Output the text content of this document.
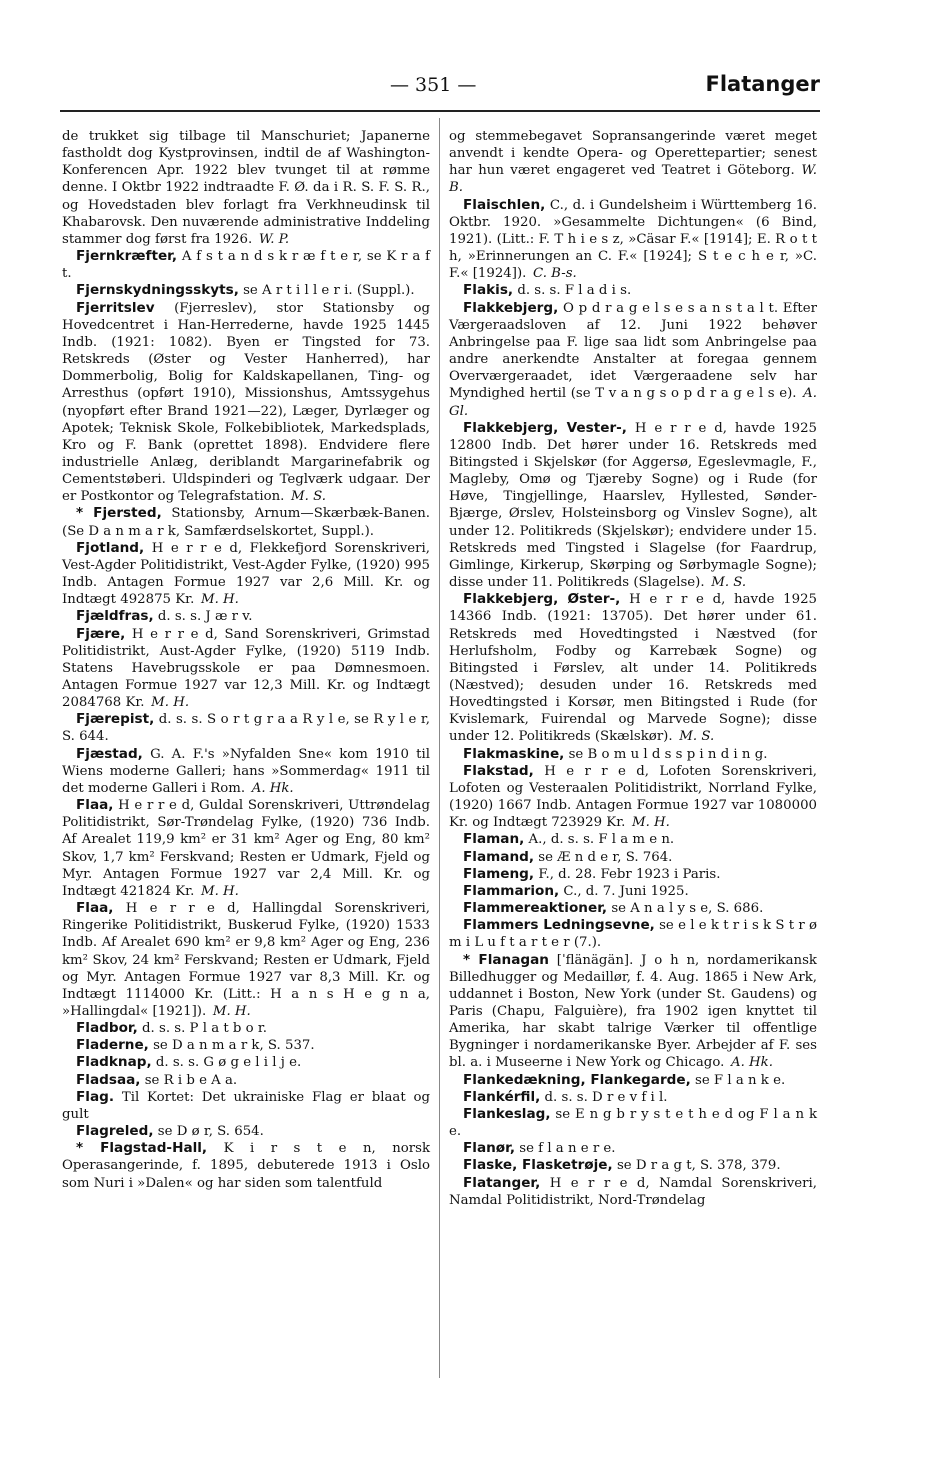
— 351 —	Flatanger

de trukket sig tilbage til Manschuriet; Japanerne fastholdt dog Kystprovinsen, indtil de af Washington-Konferencen Apr. 1922 blev tvunget til at rømme denne. I Oktbr 1922 indtraadte F. Ø. da i R. S. F. S. R., og Hovedstaden blev forlagt fra Verkhneudinsk til Khabarovsk. Den nuværende administrative Inddeling stammer dog først fra 1926.  W. P.

Fjernkræfter, A f s t a n d s k r æ f t e r, se K r a f t.

Fjernskydningsskyts, se A r t i l l e r i. (Suppl.).

Fjerritslev (Fjerreslev), stor Stationsby og Hovedcentret i Han-Herrederne, havde 1925 1445 Indb. (1921: 1082). Byen er Tingsted for 73. Retskreds (Øster og Vester Hanherred), har Dommerbolig, Bolig for Kaldskapellanen, Ting- og Arresthus (opført 1910), Missionshus, Amtssygehus (nyopført efter Brand 1921—22), Læger, Dyrlæger og Apotek; Teknisk Skole, Folkebibliotek, Markedsplads, Kro og F. Bank (oprettet 1898). Endvidere flere industrielle Anlæg, deriblandt Margarinefabrik og Cementstøberi. Uldspinderi og Teglværk udgaar. Der er Postkontor og Telegrafstation.  M. S.

* Fjersted, Stationsby, Arnum—Skærbæk-Banen. (Se D a n m a r k, Samfærdselskortet, Suppl.).

Fjotland, H e r r e d, Flekkefjord Sorenskriveri, Vest-Agder Politidistrikt, Vest-Agder Fylke, (1920) 995 Indb. Antagen Formue 1927 var 2,6 Mill. Kr. og Indtægt 492875 Kr.  M. H.

Fjældfras, d. s. s. J æ r v.

Fjære, H e r r e d, Sand Sorenskriveri, Grimstad Politidistrikt, Aust-Agder Fylke, (1920) 5119 Indb. Statens Havebrugsskole er paa Dømnesmoen. Antagen Formue 1927 var 12,3 Mill. Kr. og Indtægt 2084768 Kr.  M. H.

Fjærepist, d. s. s. S o r t g r a a R y l e, se R y l e r, S. 644.

Fjæstad, G. A. F.'s »Nyfalden Sne« kom 1910 til Wiens moderne Galleri; hans »Sommerdag« 1911 til det moderne Galleri i Rom.  A. Hk.

Flaa, H e r r e d, Guldal Sorenskriveri, Uttrøndelag Politidistrikt, Sør-Trøndelag Fylke, (1920) 736 Indb. Af Arealet 119,9 km² er 31 km² Ager og Eng, 80 km² Skov, 1,7 km² Ferskvand; Resten er Udmark, Fjeld og Myr. Antagen Formue 1927 var 2,4 Mill. Kr. og Indtægt 421824 Kr.  M. H.

Flaa, H e r r e d, Hallingdal Sorenskriveri, Ringerike Politidistrikt, Buskerud Fylke, (1920) 1533 Indb. Af Arealet 690 km² er 9,8 km² Ager og Eng, 236 km² Skov, 24 km² Ferskvand; Resten er Udmark, Fjeld og Myr. Antagen Formue 1927 var 8,3 Mill. Kr. og Indtægt 1114000 Kr. (Litt.: H a n s H e g n a, »Hallingdal« [1921]).  M. H.

Fladbor, d. s. s. P l a t b o r.

Fladerne, se D a n m a r k, S. 537.

Fladknap, d. s. s. G ø g e l i l j e.

Fladsaa, se R i b e A a.

Flag. Til Kortet: Det ukrainiske Flag er blaat og gult

Flagreled, se D ø r, S. 654.

* Flagstad-Hall, K i r s t e n, norsk Operasangerinde, f. 1895, debuterede 1913 i Oslo som Nuri i »Dalen« og har siden som talentfuld

og stemmebegavet Sopransangerinde været meget anvendt i kendte Opera- og Operettepartier; senest har hun været engageret ved Teatret i Göteborg.  W. B.

Flaischlen, C., d. i Gundelsheim i Württemberg 16. Oktbr. 1920. »Gesammelte Dichtungen« (6 Bind, 1921). (Litt.: F. T h i e s z, »Cäsar F.« [1914]; E. R o t t h, »Erinnerungen an C. F.« [1924]; S t e c h e r, »C. F.« [1924]).  C. B-s.

Flakis, d. s. s. F l a d i s.

Flakkebjerg, O p d r a g e l s e s a n s t a l t. Efter Værgeraadsloven af 12. Juni 1922 behøver Anbringelse paa F. lige saa lidt som Anbringelse paa andre anerkendte Anstalter at foregaa gennem Overværgeraadet, idet Værgeraadene selv har Myndighed hertil (se T v a n g s o p d r a g e l s e).  A. Gl.

Flakkebjerg, Vester-, H e r r e d, havde 1925 12800 Indb. Det hører under 16. Retskreds med Bitingsted i Skjelskør (for Aggersø, Egeslevmagle, F., Magleby, Omø og Tjæreby Sogne) og i Rude (for Høve, Tingjellinge, Haarslev, Hyllested, Sønder-Bjærge, Ørslev, Holsteinsborg og Vinslev Sogne), alt under 12. Politikreds (Skjelskør); endvidere under 15. Retskreds med Tingsted i Slagelse (for Faardrup, Gimlinge, Kirkerup, Skørping og Sørbymagle Sogne); disse under 11. Politikreds (Slagelse).  M. S.

Flakkebjerg, Øster-, H e r r e d, havde 1925 14366 Indb. (1921: 13705). Det hører under 61. Retskreds med Hovedtingsted i Næstved (for Herlufsholm, Fodby og Karrebæk Sogne) og Bitingsted i Førslev, alt under 14. Politikreds (Næstved); desuden under 16. Retskreds med Hovedtingsted i Korsør, men Bitingsted i Rude (for Kvislemark, Fuirendal og Marvede Sogne); disse under 12. Politikreds (Skælskør).  M. S.

Flakmaskine, se B o m u l d s s p i n d i n g.

Flakstad, H e r r e d, Lofoten Sorenskriveri, Lofoten og Vesteraalen Politidistrikt, Norrland Fylke, (1920) 1667 Indb. Antagen Formue 1927 var 1080000 Kr. og Indtægt 723929 Kr.  M. H.

Flaman, A., d. s. s. F l a m e n.

Flamand, se Æ n d e r, S. 764.

Flameng, F., d. 28. Febr 1923 i Paris.

Flammarion, C., d. 7. Juni 1925.

Flammereaktioner, se A n a l y s e, S. 686.

Flammers Ledningsevne, se e l e k t r i s k S t r ø m i L u f t a r t e r (7.).

* Flanagan [ˈflänägän]. J o h n, nordamerikansk Billedhugger og Medaillør, f. 4. Aug. 1865 i New Ark, uddannet i Boston, New York (under St. Gaudens) og Paris (Chapu, Falguière), fra 1902 igen knyttet til Amerika, har skabt talrige Værker til offentlige Bygninger i nordamerikanske Byer. Arbejder af F. ses bl. a. i Museerne i New York og Chicago.  A. Hk.

Flankedækning, Flankegarde, se F l a n k e.

Flankérfil, d. s. s. D r e v f i l.

Flankeslag, se E n g b r y s t e t h e d og F l a n k e.

Flanør, se f l a n e r e.

Flaske, Flasketrøje, se D r a g t, S. 378, 379.

Flatanger, H e r r e d, Namdal Sorenskriveri, Namdal Politidistrikt, Nord-Trøndelag
